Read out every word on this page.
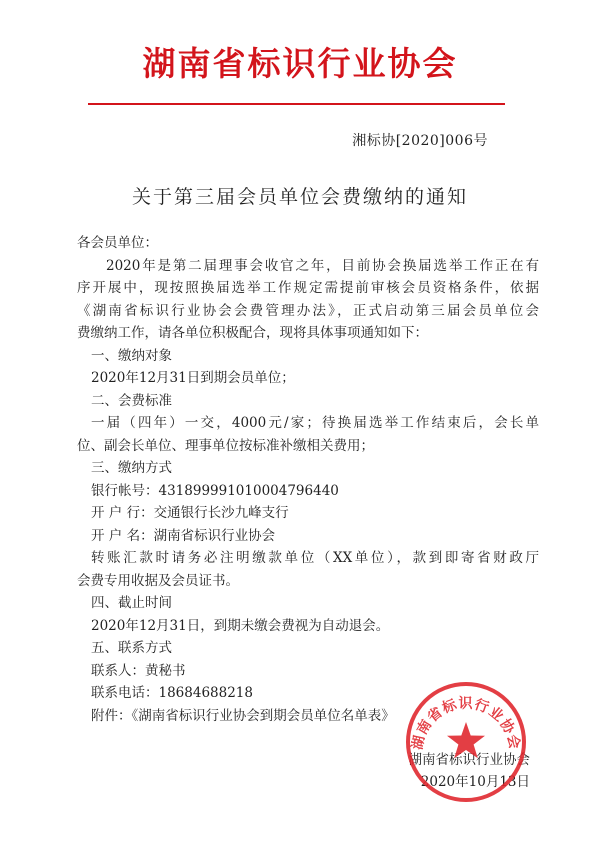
湖南省标识行业协会
湘标协[2020]006号
关于第三届会员单位会费缴纳的通知
各会员单位：
2020年是第二届理事会收官之年，目前协会换届选举工作正在有
序开展中，现按照换届选举工作规定需提前审核会员资格条件，依据
《湖南省标识行业协会会费管理办法》，正式启动第三届会员单位会
费缴纳工作，请各单位积极配合，现将具体事项通知如下：
一、缴纳对象
2020年12月31日到期会员单位；
二、会费标准
一届（四年）一交，4000元/家；待换届选举工作结束后，会长单
位、副会长单位、理事单位按标准补缴相关费用；
三、缴纳方式
银行帐号：431899991010004796440
开 户 行：交通银行长沙九峰支行
开 户 名：湖南省标识行业协会
转账汇款时请务必注明缴款单位（XX单位），款到即寄省财政厅
会费专用收据及会员证书。
四、截止时间
2020年12月31日，到期未缴会费视为自动退会。
五、联系方式
联系人：黄秘书
联系电话：18684688218
附件：《湖南省标识行业协会到期会员单位名单表》
湖南省标识行业协会
2020年10月13日
湖南省标识行业协会
